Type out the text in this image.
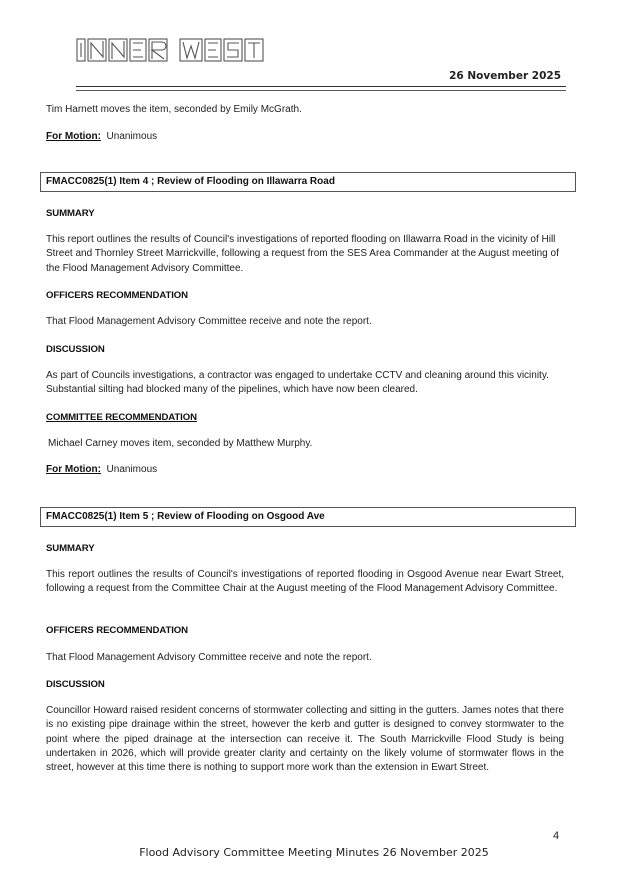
26 November 2025

Tim Harnett moves the item, seconded by Emily McGrath.

For Motion: Unanimous

FMACC0825(1) Item 4 ; Review of Flooding on Illawarra Road

SUMMARY

This report outlines the results of Council's investigations of reported flooding on Illawarra Road in the vicinity of Hill Street and Thornley Street Marrickville, following a request from the SES Area Commander at the August meeting of the Flood Management Advisory Committee.

OFFICERS RECOMMENDATION

That Flood Management Advisory Committee receive and note the report.

DISCUSSION

As part of Councils investigations, a contractor was engaged to undertake CCTV and cleaning around this vicinity. Substantial silting had blocked many of the pipelines, which have now been cleared.

COMMITTEE RECOMMENDATION

Michael Carney moves item, seconded by Matthew Murphy.

For Motion: Unanimous

FMACC0825(1) Item 5 ; Review of Flooding on Osgood Ave

SUMMARY

This report outlines the results of Council's investigations of reported flooding in Osgood Avenue near Ewart Street, following a request from the Committee Chair at the August meeting of the Flood Management Advisory Committee.

OFFICERS RECOMMENDATION

That Flood Management Advisory Committee receive and note the report.

DISCUSSION

Councillor Howard raised resident concerns of stormwater collecting and sitting in the gutters. James notes that there is no existing pipe drainage within the street, however the kerb and gutter is designed to convey stormwater to the point where the piped drainage at the intersection can receive it. The South Marrickville Flood Study is being undertaken in 2026, which will provide greater clarity and certainty on the likely volume of stormwater flows in the street, however at this time there is nothing to support more work than the extension in Ewart Street.

4
Flood Advisory Committee Meeting Minutes 26 November 2025
